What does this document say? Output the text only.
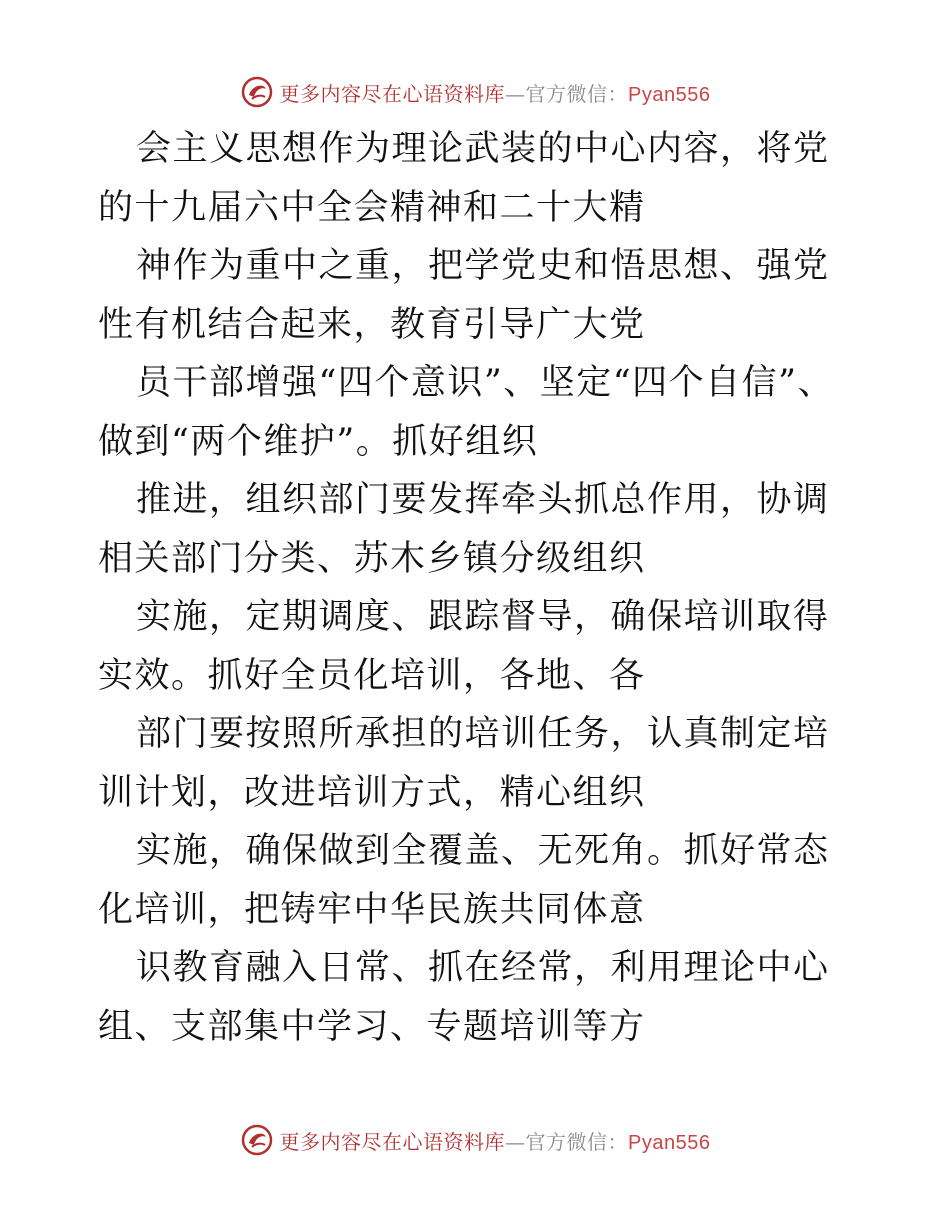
更多内容尽在心语资料库—官方微信：Pyan556

会主义思想作为理论武装的中心内容，将党的十九届六中全会精神和二十大精

神作为重中之重，把学党史和悟思想、强党性有机结合起来，教育引导广大党

员干部增强“四个意识”、坚定“四个自信”、做到“两个维护”。抓好组织

推进，组织部门要发挥牵头抓总作用，协调相关部门分类、苏木乡镇分级组织

实施，定期调度、跟踪督导，确保培训取得实效。抓好全员化培训，各地、各

部门要按照所承担的培训任务，认真制定培训计划，改进培训方式，精心组织

实施，确保做到全覆盖、无死角。抓好常态化培训，把铸牢中华民族共同体意

识教育融入日常、抓在经常，利用理论中心组、支部集中学习、专题培训等方

更多内容尽在心语资料库—官方微信：Pyan556
